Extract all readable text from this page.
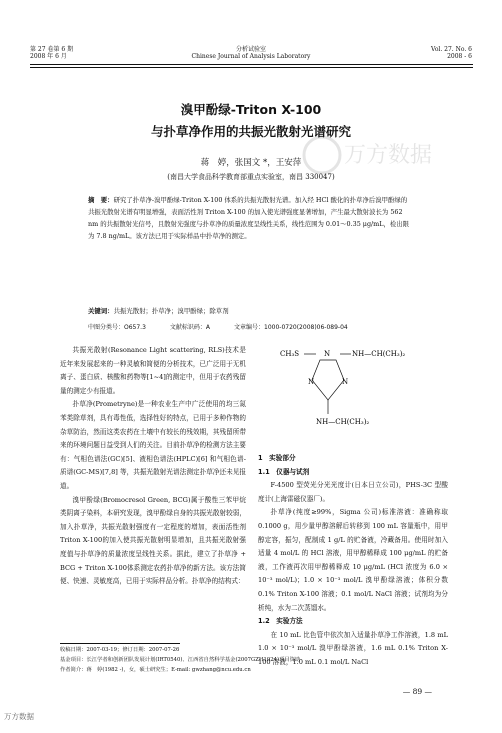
第 27 卷第 6 期
2008 年 6 月
分析试验室
Chinese Journal of Analysis Laboratory
Vol. 27. No. 6
2008 - 6
万方数据
溴甲酚绿-Triton X-100
与扑草净作用的共振光散射光谱研究
蒋　婷，张国文 *，王安萍
(南昌大学食品科学教育部重点实验室，南昌 330047)
摘　要：研究了扑草净-溴甲酚绿-Triton X-100 体系的共振光散射光谱。加入经 HCl 酸化的扑草净后溴甲酚绿的共振光散射光谱有明显增强，表面活性剂 Triton X-100 的加入使光谱强度显著增加，产生最大散射波长为 562 nm 的共振散射光信号，且散射光强度与扑草净的质量浓度呈线性关系，线性范围为 0.01～0.35 μg/mL，检出限为 7.8 ng/mL。该方法已用于实际样品中扑草净的测定。
关键词：共振光散射；扑草净；溴甲酚绿；除草剂
中图分类号：O657.3	文献标识码：A	文章编号：1000-0720(2008)06-089-04

共振光散射(Resonance Light scattering, RLS)技术是近年来发展起来的一种灵敏和简便的分析技术，已广泛用于无机离子、蛋白质、核酸和药物等[1~4]的测定中，但用于农药残留量的测定少有报道。

扑草净(Prometryne)是一种农业生产中广泛使用的均三氮苯类除草剂，具有毒性低，选择性好的特点，已用于多种作物的杂草防治，然而这类农药在土壤中有较长的残效期，其残留所带来的环境问题日益受到人们的关注。目前扑草净的检测方法主要有：气相色谱法(GC)[5]、液相色谱法(HPLC)[6] 和气相色谱-质谱(GC-MS)[7,8] 等，共振光散射光谱法测定扑草净还未见报道。

溴甲酚绿(Bromocresol Green, BCG)属于酸性三苯甲烷类阴离子染料，本研究发现，溴甲酚绿自身的共振光散射较弱，加入扑草净，共振光散射强度有一定程度的增加，表面活性剂 Triton X-100的加入使共振光散射明显增加，且共振光散射强度值与扑草净的质量浓度呈线性关系。据此，建立了扑草净 + BCG + Triton X-100体系测定农药扑草净的新方法。该方法简便、快速、灵敏度高，已用于实际样品分析。扑草净的结构式：

CH₃S	NH—CH(CH₃)₂
N
N	N
NH—CH(CH₃)₂

1　实验部分

1.1　仪器与试剂

F-4500 型荧光分光光度计(日本日立公司)，PHS-3C 型酸度计(上海雷磁仪器厂)。

扑草净(纯度≥99%，Sigma 公司)标准溶液：准确称取 0.1000 g，用少量甲醇溶解后转移到 100 mL 容量瓶中，用甲醇定容，振匀，配制成 1 g/L 的贮备液，冷藏备用。使用时加入适量 4 mol/L 的 HCl 溶液，用甲醇稀释成 100 μg/mL 的贮备液，工作液再次用甲醇稀释成 10 μg/mL (HCl 浓度为 6.0 × 10⁻³ mol/L)；1.0 × 10⁻³ mol/L 溴甲酚绿溶液；体积分数 0.1% Triton X-100 溶液；0.1 mol/L NaCl 溶液；试剂均为分析纯，水为二次蒸馏水。

1.2　实验方法

在 10 mL 比色管中依次加入适量扑草净工作溶液，1.8 mL 1.0 × 10⁻³ mol/L 溴甲酚绿溶液，1.6 mL 0.1% Triton X-100 溶液，1.0 mL 0.1 mol/L NaCl

收稿日期：2007-03-19；修订日期：2007-07-26
基金项目：长江学者和创新团队发展计划(IRT0540)、江西省自然科学基金(2007GZH1924)项目资助
作者简介：蒋　婷(1982 -)，女，硕士研究生；E-mail: gwzhang@ncu.edu.cn
— 89 —
万方数据
